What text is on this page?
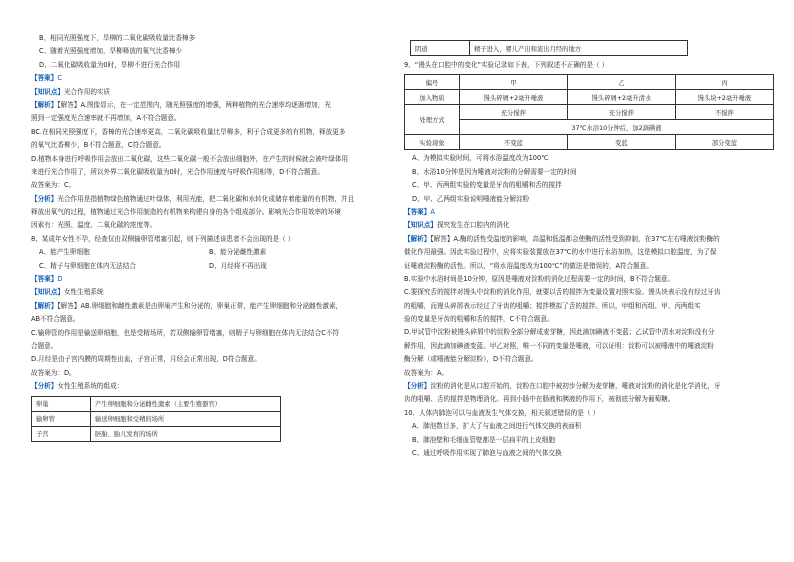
B、相同光照强度下，旱柳的二氧化碳吸收量比香樟多
C、随着光照强度增加，旱柳释放的氧气比香樟少
D、二氧化碳吸收量为0时，旱柳不进行光合作用
【答案】C
【知识点】光合作用的实质
【解析】【解答】A.图像显示，在一定范围内，随光照强度的增强，两种植物的光合速率均逐渐增加，光
照到一定强度光合速率就不再增加，A不符合题意。
BC.在相同光照强度下，香樟的光合速率更高，二氧化碳吸收量比旱柳多，利于合成更多的有机物，释放更多
的氧气比香柳少，B不符合题意，C符合题意。
D.植物本身进行呼吸作用会放出二氧化碳，这些二氧化碳一般不会放出细胞外，在产生的时候就会被叶绿体用
来进行光合作用了，所以外界二氧化碳吸收量为0时，光合作用速度与呼吸作用相等，D不符合题意。
故答案为：C。
【分析】光合作用是指植物绿色植物通过叶绿体，利用光能，把二氧化碳和水转化成储存着能量的有机物，并且
释放出氧气的过程，植物通过光合作用制造的有机物来构建自身的各个组成部分。影响光合作用效率的环境
因素有：光照、温度、二氧化碳的浓度等。
8、某成年女性不孕，经查仅由双侧输卵管堵塞引起，则下列描述该患者不会出现的是（ ）
A、能产生卵细胞	B、能分泌雌性激素
C、精子与卵细胞在体内无法结合	D、月经将不再出现
【答案】D
【知识点】女性生殖系统
【解析】【解答】AB.卵细胞和雌性激素是由卵巢产生和分泌的，卵巢正常，能产生卵细胞和分泌雌性激素，
AB不符合题意。
C.输卵管的作用是输送卵细胞，也是受精场所，若双侧输卵管堵塞，则精子与卵细胞在体内无法结合C不符
合题意。
D.月经是由子宫内膜的周期性出血，子宫正常，月经会正常出现，D符合题意。
故答案为：D。
【分析】女性生殖系统的组成：
卵巢	产生卵细胞和分泌雌性激素（主要生殖器官）
输卵管	输送卵细胞和受精的场所
子宫	胚胎、胎儿发育的场所
阴道	精子进入，婴儿产出和流出月经的地方
9、“馒头在口腔中的变化”实验记录如下表，下列叙述不正确的是（ ）
编号	甲	乙	丙
加入物质	馒头碎屑+2毫升唾液	馒头碎屑+2毫升清水	馒头块+2毫升唾液
处理方式	充分搅拌	充分搅拌	不搅拌
	37℃水浴10分钟后，加2滴碘液		
实验现象	不变蓝	变蓝	部分变蓝
A、为模拟实验时间，可将水浴温度改为100℃
B、水浴10分钟是因为唾液对淀粉的分解需要一定的时间
C、甲、丙两组实验的变量是牙齿的咀嚼和舌的搅拌
D、甲、乙两组实验说明唾液能分解淀粉
【答案】A
【知识点】探究发生在口腔内的消化
【解析】【解答】A.酶的活性受温度的影响，高温和低温都会使酶的活性受到抑制，在37℃左右唾液淀粉酶的
催化作用最强。因此实验过程中，应将实验装置放在37℃的水中进行水浴加热，这是模拟口腔温度，为了保
证唾液淀粉酶的活性。所以，“将水浴温度改为100℃”的做法是错误的，A符合题意。
B.实验中水浴时间是10分钟，原因是唾液对淀粉的消化过程需要一定的时间，B不符合题意。
C.要探究舌的搅拌对馒头中淀粉的消化作用，就要以舌的搅拌为变量设置对照实验。馒头块表示没有经过牙齿
的咀嚼，而馒头碎屑表示经过了牙齿的咀嚼；搅拌模拟了舌的搅拌。所以，甲组和丙组、甲、丙两组实
验的变量是牙齿的咀嚼和舌的搅拌，C不符合题意。
D.甲试管中淀粉被馒头碎屑中的淀粉全部分解成麦芽糖，因此滴加碘液不变蓝；乙试管中清水对淀粉没有分
解作用，因此滴加碘液变蓝。甲乙对照，唯一不同的变量是唾液，可以证明：淀粉可以被唾液中的唾液淀粉
酶分解（或唾液能分解淀粉），D不符合题意。
故答案为：A。
【分析】淀粉的消化是从口腔开始的，淀粉在口腔中被初步分解为麦芽糖，唾液对淀粉的消化是化学消化，牙
齿的咀嚼、舌的搅拌是物理消化。再到小肠中在肠液和胰液的作用下，被彻底分解为葡萄糖。
10、人体内肺泡可以与血液发生气体交换，相关叙述错误的是（ ）
A、肺泡数目多，扩大了与血液之间进行气体交换的表面积
B、肺泡壁和毛细血管壁都是一层扁平的上皮细胞
C、通过呼吸作用实现了肺泡与血液之间的气体交换
